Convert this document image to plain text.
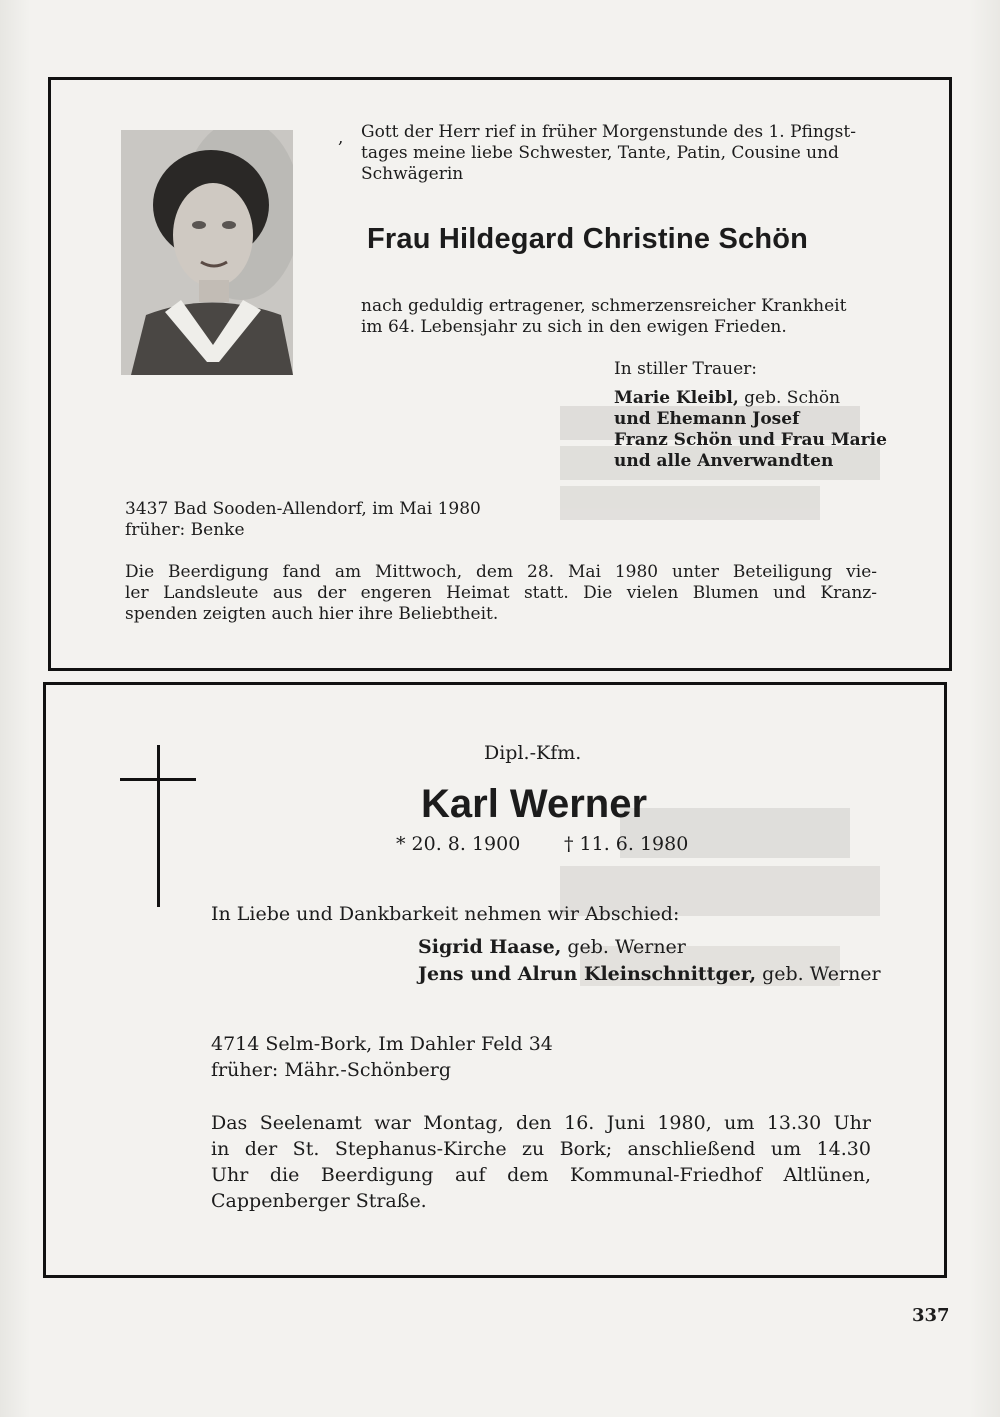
, Gott der Herr rief in früher Morgenstunde des 1. Pfingst-
tages meine liebe Schwester, Tante, Patin, Cousine und
Schwägerin
Frau Hildegard Christine Schön
nach geduldig ertragener, schmerzensreicher Krankheit
im 64. Lebensjahr zu sich in den ewigen Frieden.
In stiller Trauer:
Marie Kleibl, geb. Schön
und Ehemann Josef
Franz Schön und Frau Marie
und alle Anverwandten
3437 Bad Sooden-Allendorf, im Mai 1980
früher: Benke
Die Beerdigung fand am Mittwoch, dem 28. Mai 1980 unter Beteiligung vie-
ler Landsleute aus der engeren Heimat statt. Die vielen Blumen und Kranz-
spenden zeigten auch hier ihre Beliebtheit.
Dipl.-Kfm.
Karl Werner
* 20. 8. 1900 † 11. 6. 1980
In Liebe und Dankbarkeit nehmen wir Abschied:
Sigrid Haase, geb. Werner
Jens und Alrun Kleinschnittger, geb. Werner
4714 Selm-Bork, Im Dahler Feld 34
früher: Mähr.-Schönberg
Das Seelenamt war Montag, den 16. Juni 1980, um 13.30 Uhr
in der St. Stephanus-Kirche zu Bork; anschließend um 14.30
Uhr die Beerdigung auf dem Kommunal-Friedhof Altlünen,
Cappenberger Straße.
337
